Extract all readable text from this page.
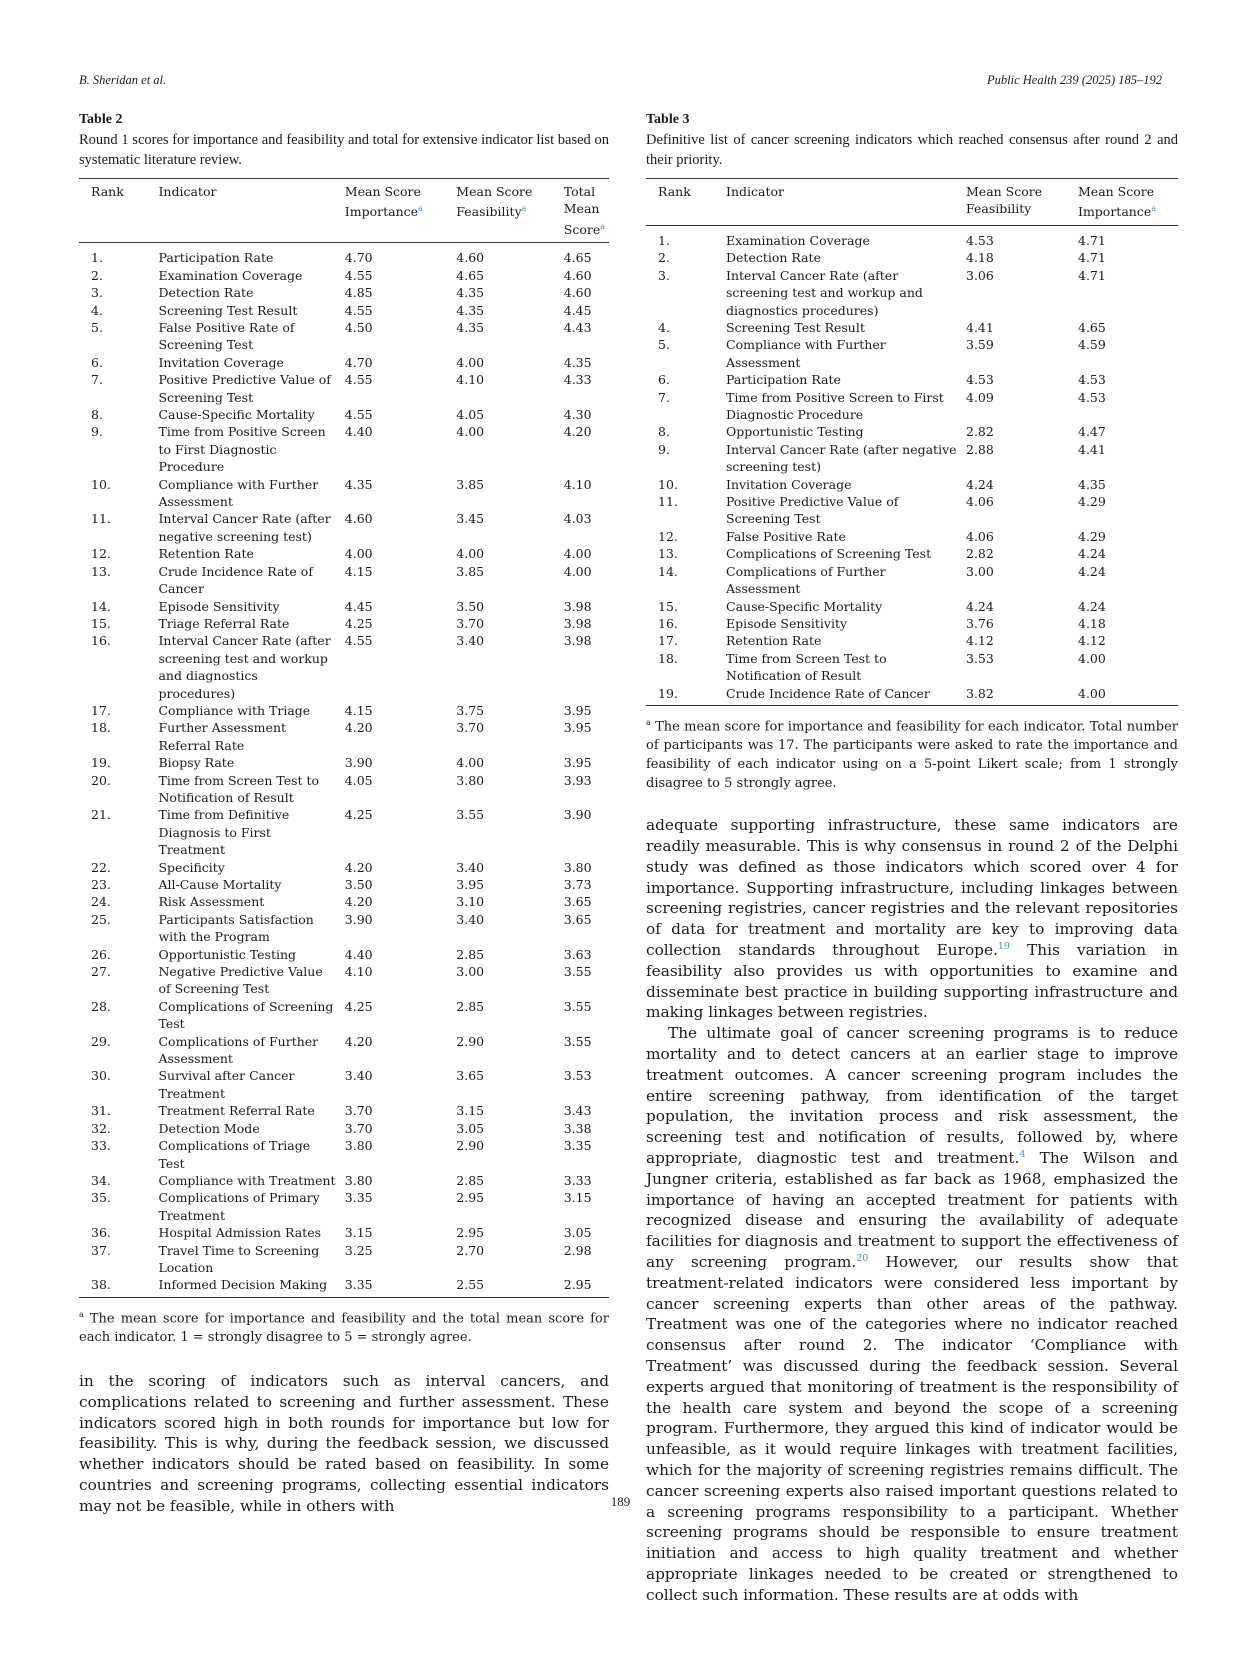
B. Sheridan et al.	Public Health 239 (2025) 185–192
Table 2
Round 1 scores for importance and feasibility and total for extensive indicator list based on systematic literature review.
Rank	Indicator	Mean Score Importance$^a$	Mean Score Feasibility$^a$	Total Mean Score$^a$
1.	Participation Rate	4.70	4.60	4.65
2.	Examination Coverage	4.55	4.65	4.60
3.	Detection Rate	4.85	4.35	4.60
4.	Screening Test Result	4.55	4.35	4.45
5.	False Positive Rate of Screening Test	4.50	4.35	4.43
6.	Invitation Coverage	4.70	4.00	4.35
7.	Positive Predictive Value of Screening Test	4.55	4.10	4.33
8.	Cause-Specific Mortality	4.55	4.05	4.30
9.	Time from Positive Screen to First Diagnostic Procedure	4.40	4.00	4.20
10.	Compliance with Further Assessment	4.35	3.85	4.10
11.	Interval Cancer Rate (after negative screening test)	4.60	3.45	4.03
12.	Retention Rate	4.00	4.00	4.00
13.	Crude Incidence Rate of Cancer	4.15	3.85	4.00
14.	Episode Sensitivity	4.45	3.50	3.98
15.	Triage Referral Rate	4.25	3.70	3.98
16.	Interval Cancer Rate (after screening test and workup and diagnostics procedures)	4.55	3.40	3.98
17.	Compliance with Triage	4.15	3.75	3.95
18.	Further Assessment Referral Rate	4.20	3.70	3.95
19.	Biopsy Rate	3.90	4.00	3.95
20.	Time from Screen Test to Notification of Result	4.05	3.80	3.93
21.	Time from Definitive Diagnosis to First Treatment	4.25	3.55	3.90
22.	Specificity	4.20	3.40	3.80
23.	All-Cause Mortality	3.50	3.95	3.73
24.	Risk Assessment	4.20	3.10	3.65
25.	Participants Satisfaction with the Program	3.90	3.40	3.65
26.	Opportunistic Testing	4.40	2.85	3.63
27.	Negative Predictive Value of Screening Test	4.10	3.00	3.55
28.	Complications of Screening Test	4.25	2.85	3.55
29.	Complications of Further Assessment	4.20	2.90	3.55
30.	Survival after Cancer Treatment	3.40	3.65	3.53
31.	Treatment Referral Rate	3.70	3.15	3.43
32.	Detection Mode	3.70	3.05	3.38
33.	Complications of Triage Test	3.80	2.90	3.35
34.	Compliance with Treatment	3.80	2.85	3.33
35.	Complications of Primary Treatment	3.35	2.95	3.15
36.	Hospital Admission Rates	3.15	2.95	3.05
37.	Travel Time to Screening Location	3.25	2.70	2.98
38.	Informed Decision Making	3.35	2.55	2.95
$^a$ The mean score for importance and feasibility and the total mean score for each indicator. 1 = strongly disagree to 5 = strongly agree.

in the scoring of indicators such as interval cancers, and complications related to screening and further assessment. These indicators scored high in both rounds for importance but low for feasibility. This is why, during the feedback session, we discussed whether indicators should be rated based on feasibility. In some countries and screening programs, collecting essential indicators may not be feasible, while in others with

Table 3
Definitive list of cancer screening indicators which reached consensus after round 2 and their priority.
Rank	Indicator	Mean Score Feasibility	Mean Score Importance$^a$
1.	Examination Coverage	4.53	4.71
2.	Detection Rate	4.18	4.71
3.	Interval Cancer Rate (after screening test and workup and diagnostics procedures)	3.06	4.71
4.	Screening Test Result	4.41	4.65
5.	Compliance with Further Assessment	3.59	4.59
6.	Participation Rate	4.53	4.53
7.	Time from Positive Screen to First Diagnostic Procedure	4.09	4.53
8.	Opportunistic Testing	2.82	4.47
9.	Interval Cancer Rate (after negative screening test)	2.88	4.41
10.	Invitation Coverage	4.24	4.35
11.	Positive Predictive Value of Screening Test	4.06	4.29
12.	False Positive Rate	4.06	4.29
13.	Complications of Screening Test	2.82	4.24
14.	Complications of Further Assessment	3.00	4.24
15.	Cause-Specific Mortality	4.24	4.24
16.	Episode Sensitivity	3.76	4.18
17.	Retention Rate	4.12	4.12
18.	Time from Screen Test to Notification of Result	3.53	4.00
19.	Crude Incidence Rate of Cancer	3.82	4.00
$^a$ The mean score for importance and feasibility for each indicator. Total number of participants was 17. The participants were asked to rate the importance and feasibility of each indicator using on a 5-point Likert scale; from 1 strongly disagree to 5 strongly agree.

adequate supporting infrastructure, these same indicators are readily measurable. This is why consensus in round 2 of the Delphi study was defined as those indicators which scored over 4 for importance. Supporting infrastructure, including linkages between screening registries, cancer registries and the relevant repositories of data for treatment and mortality are key to improving data collection standards throughout Europe.$^{19}$ This variation in feasibility also provides us with opportunities to examine and disseminate best practice in building supporting infrastructure and making linkages between registries.

The ultimate goal of cancer screening programs is to reduce mortality and to detect cancers at an earlier stage to improve treatment outcomes. A cancer screening program includes the entire screening pathway, from identification of the target population, the invitation process and risk assessment, the screening test and notification of results, followed by, where appropriate, diagnostic test and treatment.$^4$ The Wilson and Jungner criteria, established as far back as 1968, emphasized the importance of having an accepted treatment for patients with recognized disease and ensuring the availability of adequate facilities for diagnosis and treatment to support the effectiveness of any screening program.$^{20}$ However, our results show that treatment-related indicators were considered less important by cancer screening experts than other areas of the pathway. Treatment was one of the categories where no indicator reached consensus after round 2. The indicator ‘Compliance with Treatment’ was discussed during the feedback session. Several experts argued that monitoring of treatment is the responsibility of the health care system and beyond the scope of a screening program. Furthermore, they argued this kind of indicator would be unfeasible, as it would require linkages with treatment facilities, which for the majority of screening registries remains difficult. The cancer screening experts also raised important questions related to a screening programs responsibility to a participant. Whether screening programs should be responsible to ensure treatment initiation and access to high quality treatment and whether appropriate linkages needed to be created or strengthened to collect such information. These results are at odds with

189
